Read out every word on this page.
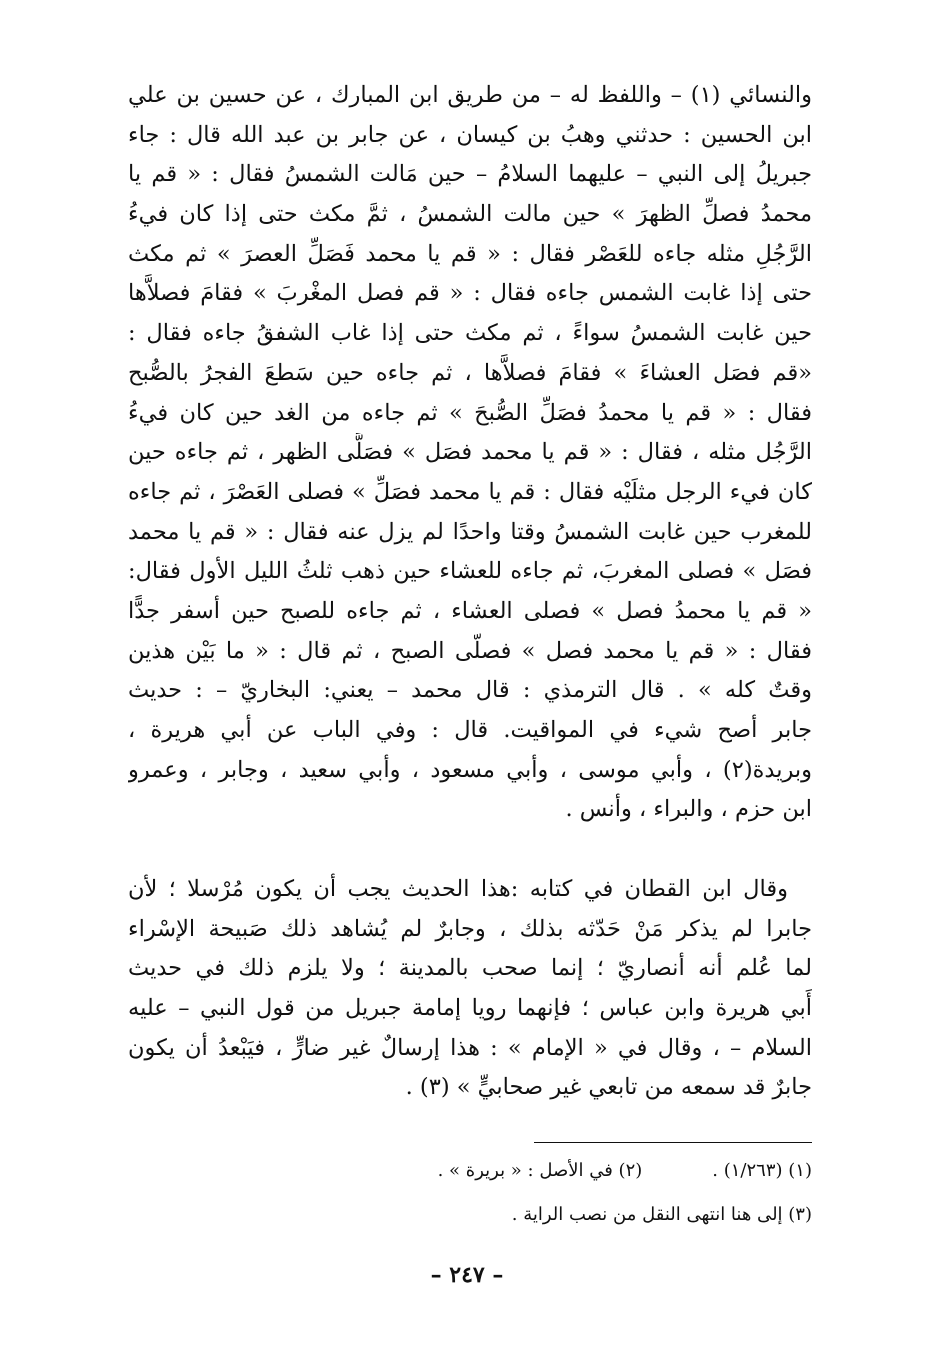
والنسائي (١) – واللفظ له – من طريق ابن المبارك ، عن حسين بن علي
ابن الحسين : حدثني وهبُ بن كيسان ، عن جابر بن عبد الله قال : جاء
جبريلُ إلى النبي – عليهما السلامُ – حين مَالت الشمسُ فقال : « قم يا
محمدُ فصلِّ الظهرَ » حين مالت الشمسُ ، ثمَّ مكث حتى إذا كان فيءُ
الرَّجُلِ مثله جاءه للعَصْر فقال : « قم يا محمد فَصَلِّ العصرَ » ثم مكث
حتى إذا غابت الشمس جاءه فقال : « قم فصل المغْربَ » فقامَ فصلاَّها
حين غابت الشمسُ سواءً ، ثم مكث حتى إذا غاب الشفقُ جاءه فقال :
«قم فصَل العشاءَ » فقامَ فصلاَّها ، ثم جاءه حين سَطعَ الفجرُ بالصُّبح
فقال : « قم يا محمدُ فصَلِّ الصُّبحَ » ثم جاءه من الغد حين كان فيءُ
الرَّجُل مثله ، فقال : « قم يا محمد فصَل » فصَلَّى الظهر ، ثم جاءه حين
كان فيء الرجل مثلَيْه فقال : قم يا محمد فصَلِّ » فصلى العَصْرَ ، ثم جاءه
للمغرب حين غابت الشمسُ وقتا واحدًا لم يزل عنه فقال : « قم يا محمد
فصَل » فصلى المغربَ، ثم جاءه للعشاء حين ذهب ثلثُ الليل الأول فقال:
« قم يا محمدُ فصل » فصلى العشاء ، ثم جاءه للصبح حين أسفر جدًّا
فقال : « قم يا محمد فصل » فصلّى الصبح ، ثم قال : « ما بَيْن هذين
وقتٌ كله » . قال الترمذي : قال محمد – يعني: البخاريّ – : حديث
جابر أصح شيء في المواقيت. قال : وفي الباب عن أبي هريرة ،
وبريدة(٢) ، وأبي موسى ، وأبي مسعود ، وأبي سعيد ، وجابر ، وعمرو
ابن حزم ، والبراء ، وأنس .
وقال ابن القطان في كتابه :هذا الحديث يجب أن يكون مُرْسلا ؛ لأن
جابرا لم يذكر مَنْ حَدّثه بذلك ، وجابرٌ لم يُشاهد ذلك صَبيحة الإسْراء
لما عُلم أنه أنصاريّ ؛ إنما صحب بالمدينة ؛ ولا يلزم ذلك في حديث
أَبي هريرة وابن عباس ؛ فإنهما رويا إمامة جبريل من قول النبي – عليه
السلام – ، وقال في « الإمام » : هذا إرسالٌ غير ضارٍّ ، فيَبْعدُ أن يكون
جابرٌ قد سمعه من تابعي غير صحابيٍّ » (٣) .
(١) (١/٢٦٣) .(٢) في الأصل : « بريرة » .
(٣) إلى هنا انتهى النقل من نصب الراية .
– ٢٤٧ –
